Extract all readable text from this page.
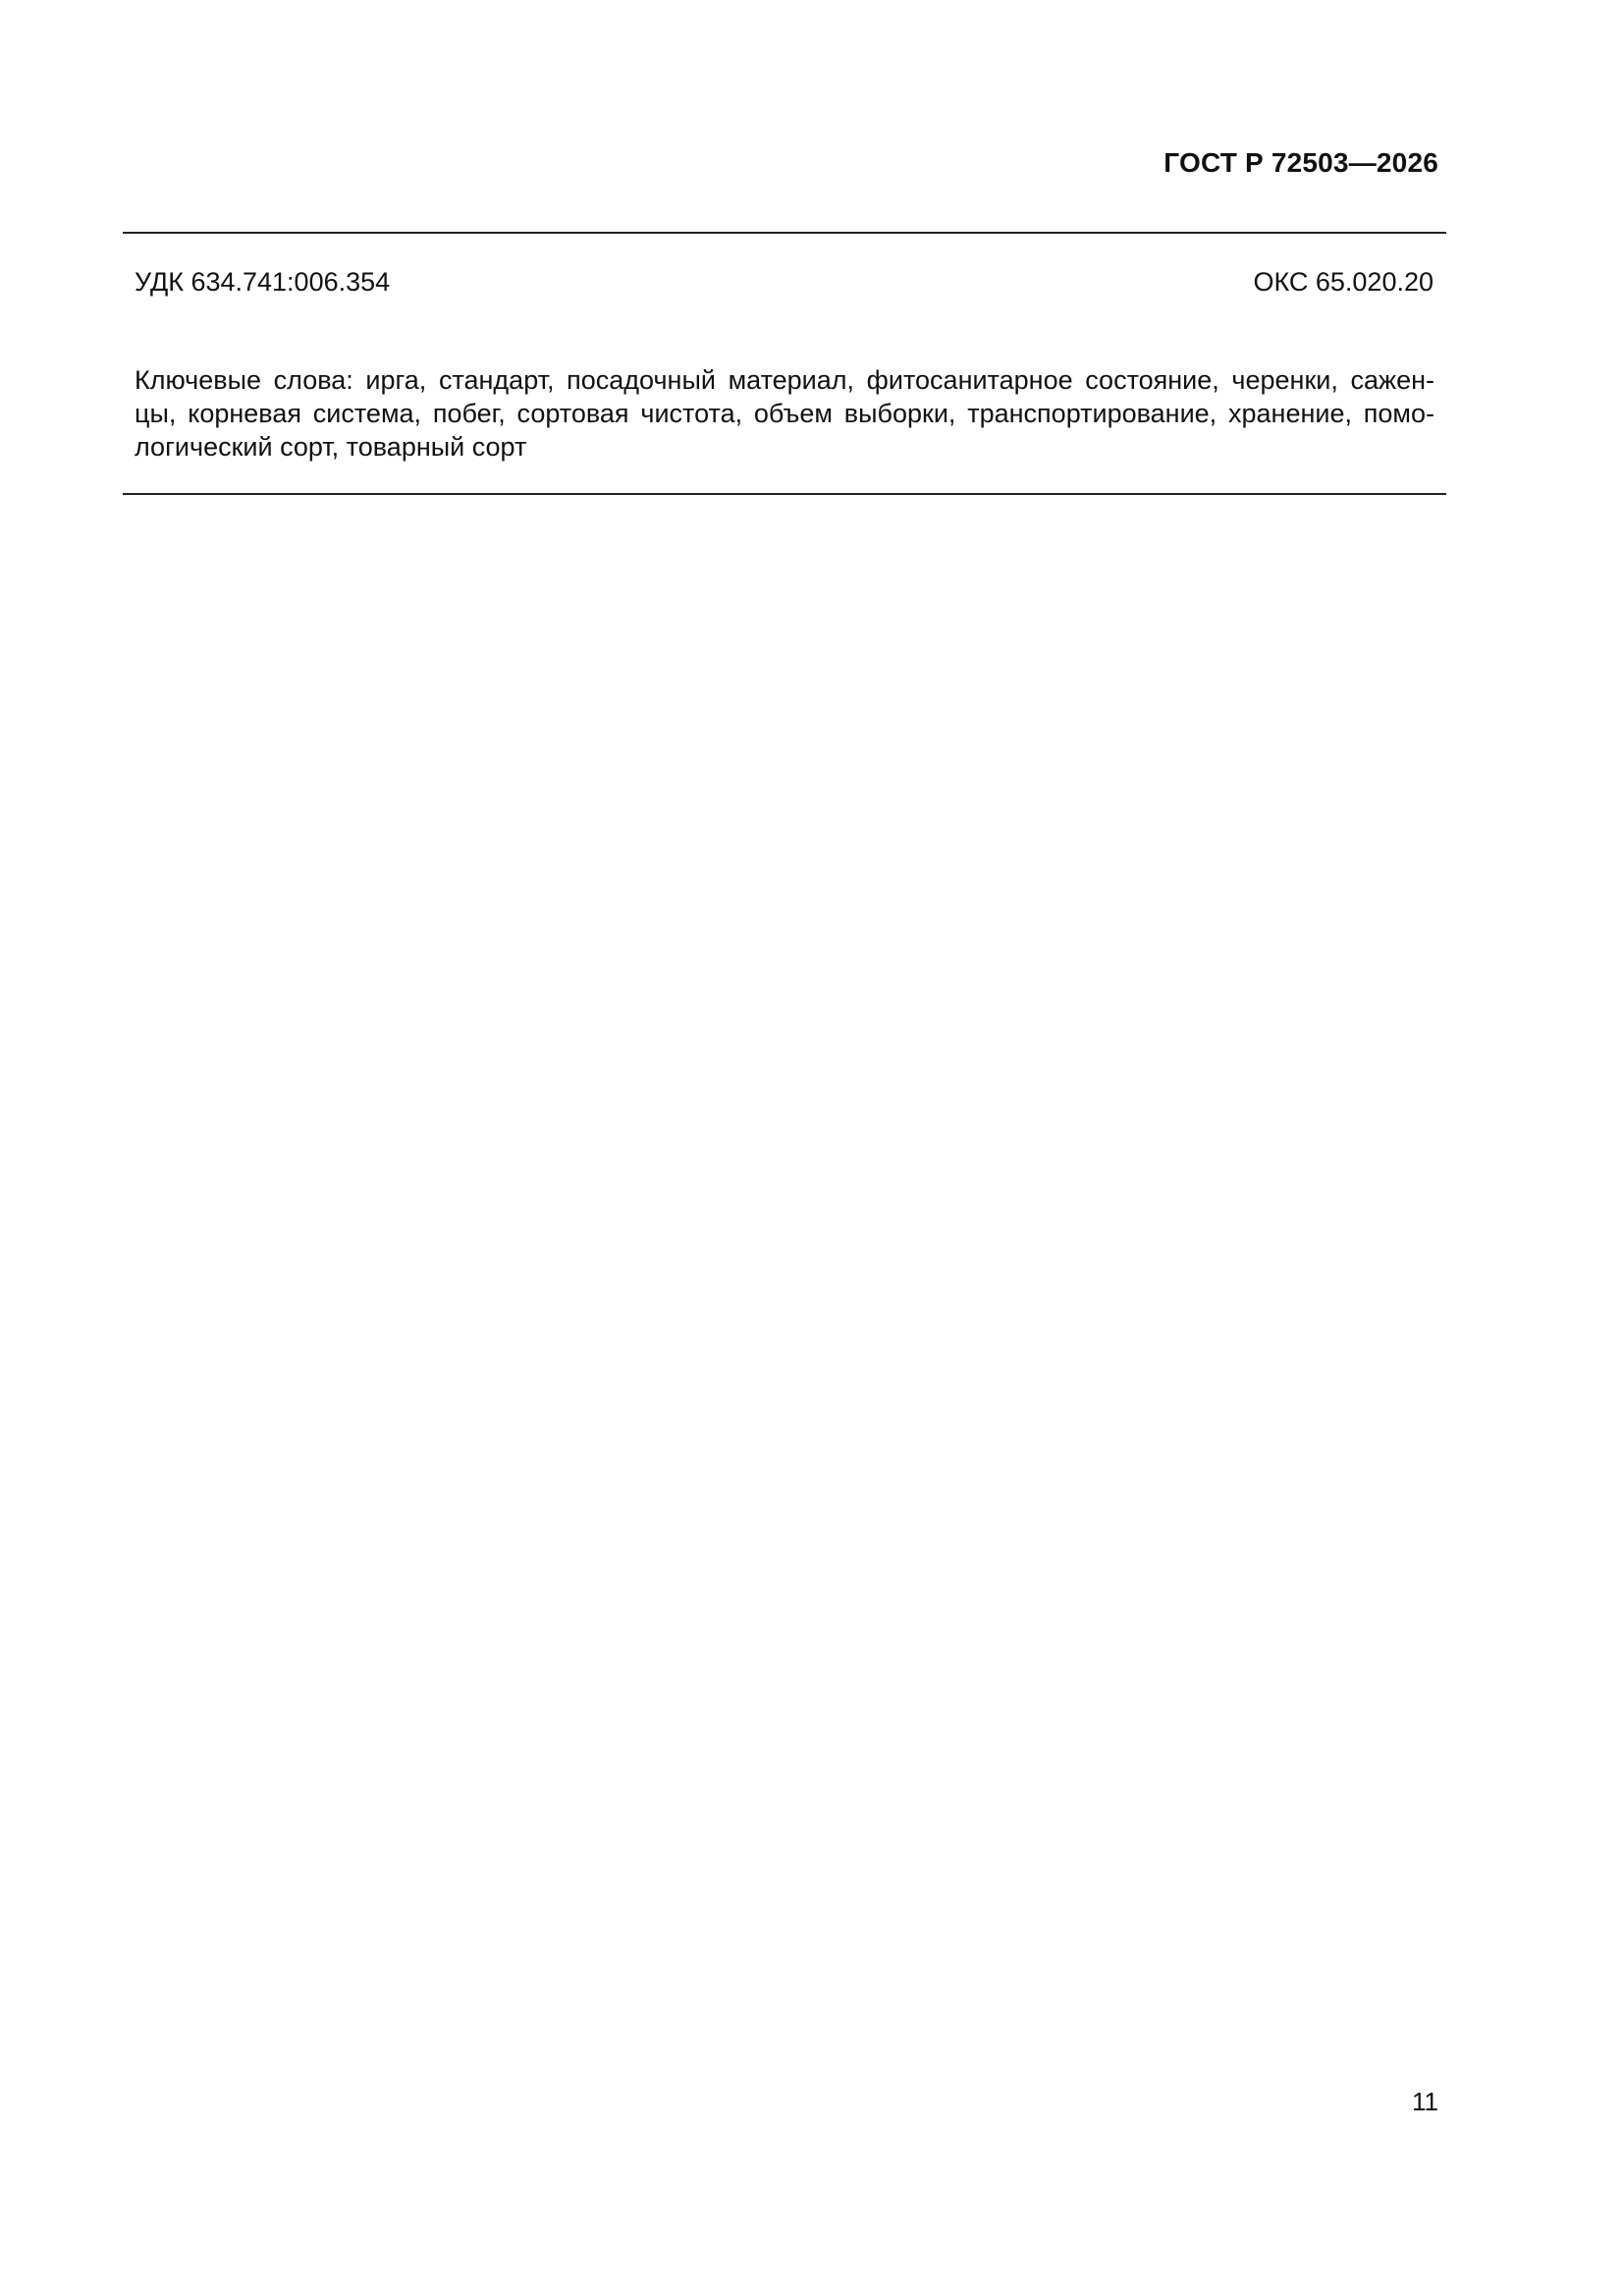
ГОСТ Р 72503—2026
УДК 634.741:006.354	ОКС 65.020.20
Ключевые слова: ирга, стандарт, посадочный материал, фитосанитарное состояние, черенки, сажен-
цы, корневая система, побег, сортовая чистота, объем выборки, транспортирование, хранение, помо-
логический сорт, товарный сорт
11
